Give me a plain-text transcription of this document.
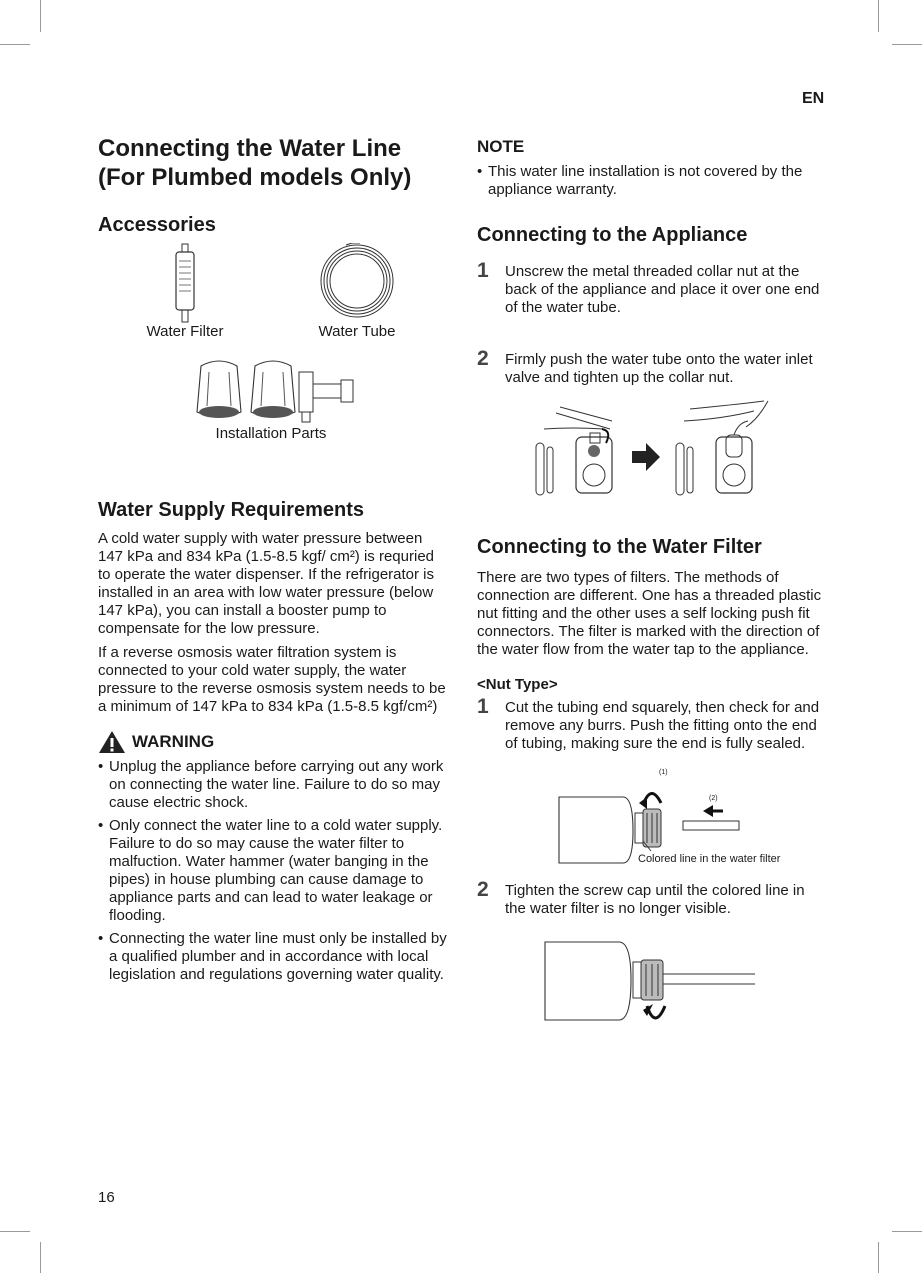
EN
Connecting the Water Line
(For Plumbed models Only)
Accessories
Water Filter	Water Tube
Installation Parts
Water Supply Requirements

A cold water supply with water pressure between 147 kPa and 834 kPa (1.5-8.5 kgf/ cm²) is requried to operate the water dispenser. If the refrigerator is installed in an area with low water pressure (below 147 kPa), you can install a booster pump to compensate for the low pressure.

If a reverse osmosis water filtration system is connected to your cold water supply, the water pressure to the reverse osmosis system needs to be a minimum of 147 kPa to 834 kPa (1.5-8.5 kgf/cm²)

WARNING
• Unplug the appliance before carrying out any work on connecting the water line. Failure to do so may cause electric shock.
• Only connect the water line to a cold water supply. Failure to do so may cause the water filter to malfuction. Water hammer (water banging in the pipes) in house plumbing can cause damage to appliance parts and can lead to water leakage or flooding.
• Connecting the water line must only be installed by a qualified plumber and in accordance with local legislation and regulations governing water quality.
NOTE
• This water line installation is not covered by the appliance warranty.
Connecting to the Appliance
1 Unscrew the metal threaded collar nut at the back of the appliance and place it over one end of the water tube.
2 Firmly push the water tube onto the water inlet valve and tighten up the collar nut.
Connecting to the Water Filter

There are two types of filters. The methods of connection are different. One has a threaded plastic nut fitting and the other uses a self locking push fit connectors. The filter is marked with the direction of the water flow from the water tap to the appliance.

<Nut Type>
1 Cut the tubing end squarely, then check for and remove any burrs. Push the fitting onto the end of tubing, making sure the end is fully sealed.
(1)
(2)
Colored line in the water filter
2 Tighten the screw cap until the colored line in the water filter is no longer visible.
16
